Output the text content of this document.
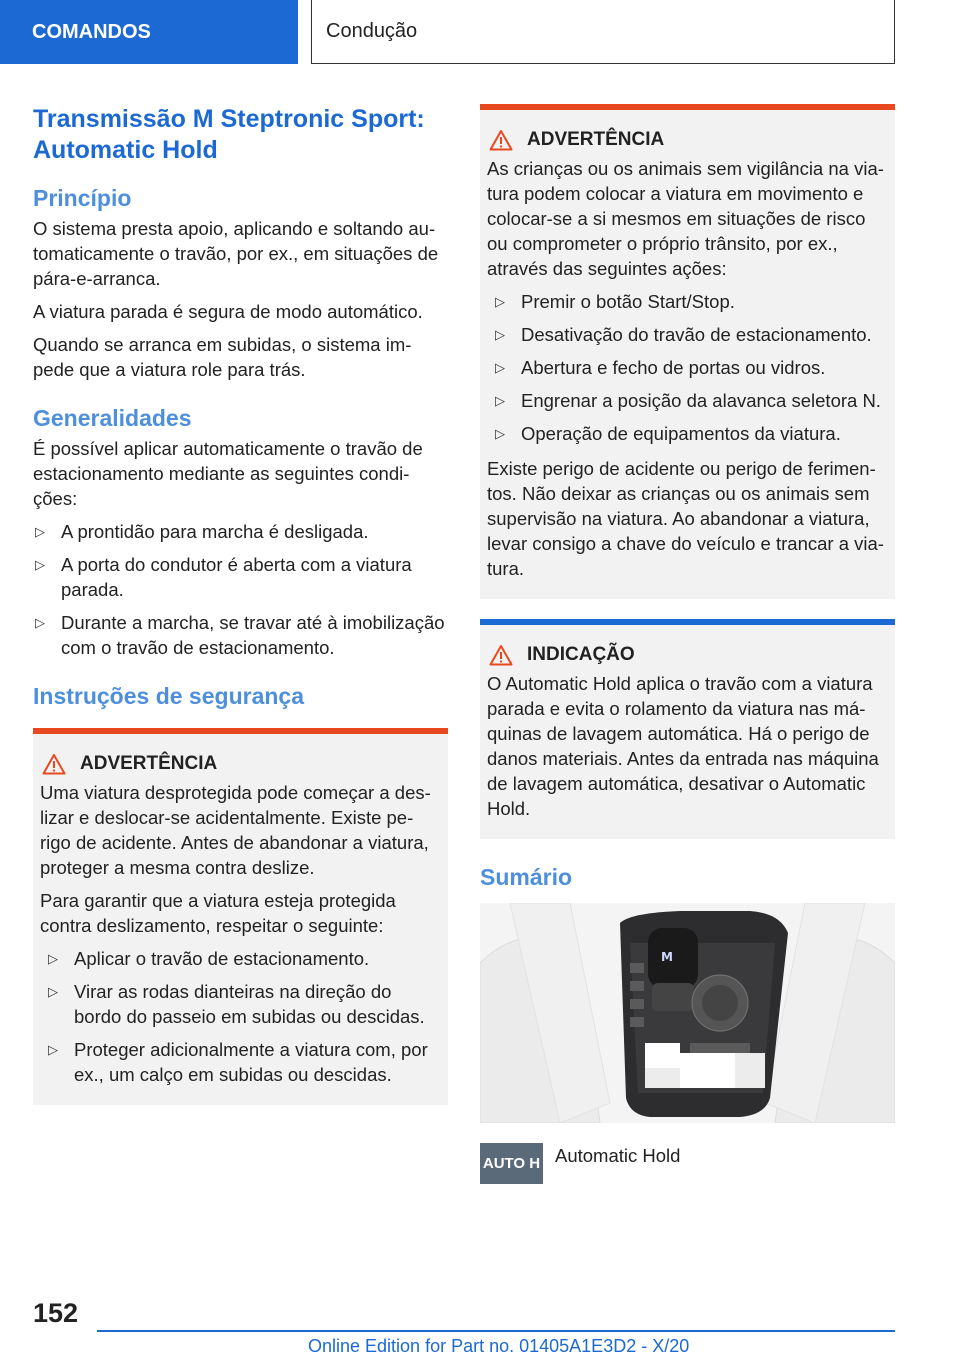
COMANDOS	Condução
Transmissão M Steptronic Sport: Automatic Hold
Princípio

O sistema presta apoio, aplicando e soltando au-tomaticamente o travão, por ex., em situações de pára-e-arranca.

A viatura parada é segura de modo automático.

Quando se arranca em subidas, o sistema im-pede que a viatura role para trás.

Generalidades

É possível aplicar automaticamente o travão de estacionamento mediante as seguintes condi-ções:

▷ A prontidão para marcha é desligada.
▷ A porta do condutor é aberta com a viatura parada.
▷ Durante a marcha, se travar até à imobilização com o travão de estacionamento.
Instruções de segurança
ADVERTÊNCIA

Uma viatura desprotegida pode começar a des-lizar e deslocar-se acidentalmente. Existe pe-rigo de acidente. Antes de abandonar a viatura, proteger a mesma contra deslize.

Para garantir que a viatura esteja protegida contra deslizamento, respeitar o seguinte:

▷ Aplicar o travão de estacionamento.
▷ Virar as rodas dianteiras na direção do bordo do passeio em subidas ou descidas.
▷ Proteger adicionalmente a viatura com, por ex., um calço em subidas ou descidas.
ADVERTÊNCIA

As crianças ou os animais sem vigilância na via-tura podem colocar a viatura em movimento e colocar-se a si mesmos em situações de risco ou comprometer o próprio trânsito, por ex., através das seguintes ações:

▷ Premir o botão Start/Stop.
▷ Desativação do travão de estacionamento.
▷ Abertura e fecho de portas ou vidros.
▷ Engrenar a posição da alavanca seletora N.
▷ Operação de equipamentos da viatura.

Existe perigo de acidente ou perigo de ferimen-tos. Não deixar as crianças ou os animais sem supervisão na viatura. Ao abandonar a viatura, levar consigo a chave do veículo e trancar a via-tura.

INDICAÇÃO

O Automatic Hold aplica o travão com a viatura parada e evita o rolamento da viatura nas má-quinas de lavagem automática. Há o perigo de danos materiais. Antes da entrada nas máquina de lavagem automática, desativar o Automatic Hold.

Sumário
M
AUTO H Automatic Hold
152
Online Edition for Part no. 01405A1E3D2 - X/20
